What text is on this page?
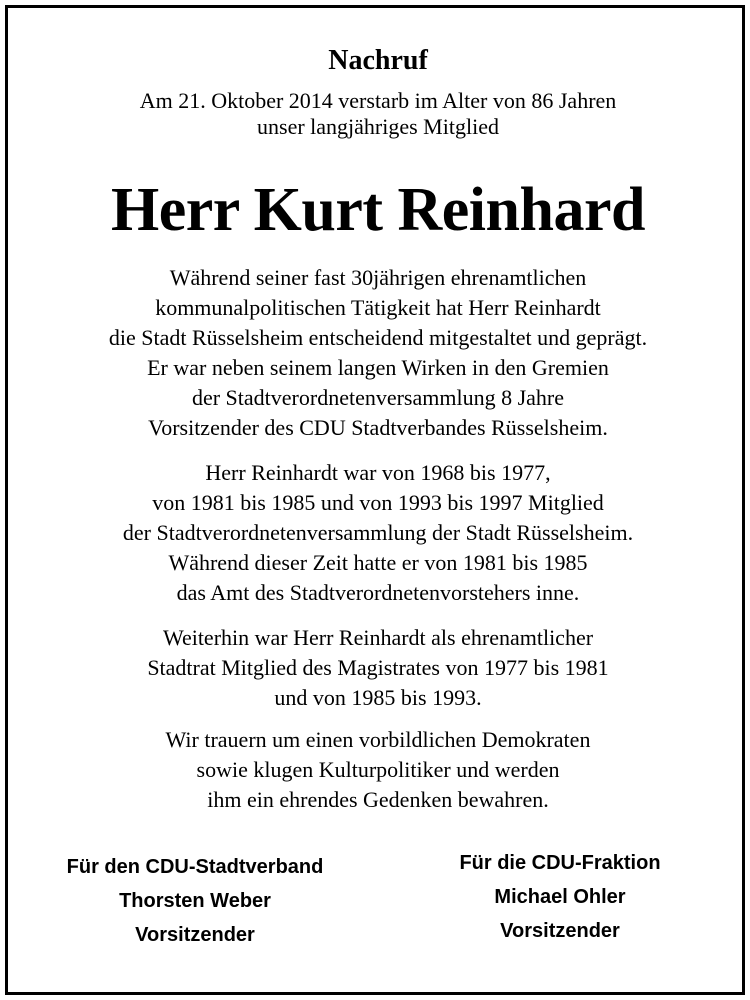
Nachruf
Am 21. Oktober 2014 verstarb im Alter von 86 Jahren
unser langjähriges Mitglied
Herr Kurt Reinhard
Während seiner fast 30jährigen ehrenamtlichen
kommunalpolitischen Tätigkeit hat Herr Reinhardt
die Stadt Rüsselsheim entscheidend mitgestaltet und geprägt.
Er war neben seinem langen Wirken in den Gremien
der Stadtverordnetenversammlung 8 Jahre
Vorsitzender des CDU Stadtverbandes Rüsselsheim.
Herr Reinhardt war von 1968 bis 1977,
von 1981 bis 1985 und von 1993 bis 1997 Mitglied
der Stadtverordnetenversammlung der Stadt Rüsselsheim.
Während dieser Zeit hatte er von 1981 bis 1985
das Amt des Stadtverordnetenvorstehers inne.
Weiterhin war Herr Reinhardt als ehrenamtlicher
Stadtrat Mitglied des Magistrates von 1977 bis 1981
und von 1985 bis 1993.
Wir trauern um einen vorbildlichen Demokraten
sowie klugen Kulturpolitiker und werden
ihm ein ehrendes Gedenken bewahren.
Für den CDU-Stadtverband
Thorsten Weber
Vorsitzender
Für die CDU-Fraktion
Michael Ohler
Vorsitzender
